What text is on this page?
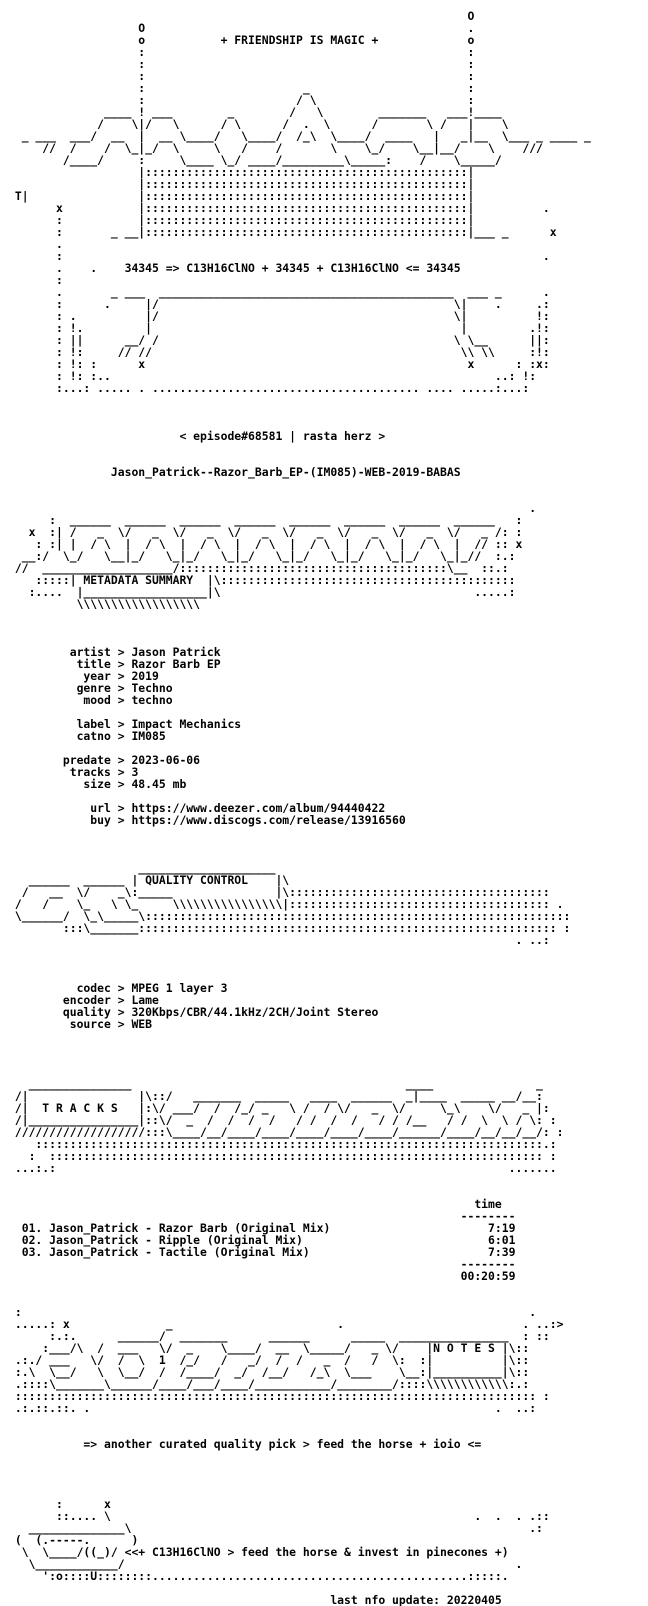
O
O                                               .
o           + FRIENDSHIP IS MAGIC +             o
:                                               :
:                                               :
:                                               :
:                       _                       :
:                      / \                      :
____ ! ___        _        /   \        _______   ___!____
/    \|/   \      / \      /  .  \      /       \ /   |    \
_ ___  ___/  __  |  __ \____/   \____/  /_\  \____/  ____   |   _|__  \___ _ ____ _
//  /    /  \_|_/  \     \   /    /       \    \_/    \__|__/    \    ///
/____/     :     \____ \_/ ____/_________\_____:    /    \_____/
|:::::::::::::::::::::::::::::::::::::::::::::::|
|:::::::::::::::::::::::::::::::::::::::::::::::|
T|                |:::::::::::::::::::::::::::::::::::::::::::::::|
x           |:::::::::::::::::::::::::::::::::::::::::::::::|          .
:           |:::::::::::::::::::::::::::::::::::::::::::::::|
:       _ __|:::::::::::::::::::::::::::::::::::::::::::::::|___ _      x
.
:                                                                      .
.    .    34345 => C13H16ClNO + 34345 + C13H16ClNO <= 34345
:
.       _ ___  ___________________________________________  ___ _      .
:      .     |/                                           \|    .     .:
: .          |/                                           \|          !:
: !.         |                                             |         .!:
: ||      __/ /                                           \ \__      ||:
: !:     // //                                             \\ \\     :!:
: !: :      x                                               x      : :x:
: !: :..                                                        ..: !:
:...: ..... . ....................................... .... .....:...:

< episode#68581 | rasta herz >

Jason_Patrick--Razor_Barb_EP-(IM085)-WEB-2019-BABAS

.
:  ______  ______  ______  ______  ______  ______  ______  ______   :
x  :| /   _  \/   _  \/   _  \/   _  \/   _  \/   _  \/   _  \/   _ /: :
: :| |  / \  |  / \  |  / \  |  / \  |  / \  |  / \  |  / \  |  // :: x
__:/  \_/   \__|_/   \_|_/   \_|_/   \_|_/   \_|_/   \_|_/   \_|_//  :.:
//  ___________________/:::::::::::::::::::::::::::::::::::::::\__  ::.:
:::::| METADATA SUMMARY  |\:::::::::::::::::::::::::::::::::::::::::::
:....  |__________________|\                                     .....:
\\\\\\\\\\\\\\\\\\

artist > Jason Patrick
title > Razor Barb EP
year > 2019
genre > Techno
mood > techno

label > Impact Mechanics
catno > IM085

predate > 2023-06-06
tracks > 3
size > 48.45 mb

url > https://www.deezer.com/album/94440422
buy > https://www.discogs.com/release/13916560

____________________
______  ______ | QUALITY CONTROL    |\
/   __  \/    _\:_____               |\::::::::::::::::::::::::::::::::::::::
/   /    \_   \ \_     \\\\\\\\\\\\\\\\|:::::::::::::::::::::::::::::::::::::: .
\______/  \_\_____\::::::::::::::::::::::::::::::::::::::::::::::::::::::::::::::
:::\_______::::::::::::::::::::::::::::::::::::::::::::::::::::::::::::: :
. ..:

codec > MPEG 1 layer 3
encoder > Lame
quality > 320Kbps/CBR/44.1kHz/2CH/Joint Stereo
source > WEB

_______________                                        ____               _
/|                |\::/   _______  _____   ____  ______  _|____  _____ __/__:
/|  T R A C K S   |:\/ ___/  /  /_/ _   \ /  / \/   _  \/     \_\    \/   _ |:
/|________________|::\/  _  /  /  /  /   / /  /  /   / / /__   / /  \  \ / \: :
///////////////////:::\____/__/____/____/____/____/____/______/____/__/__/__/: :
::::::::::::::::::::::::::::::::::::::::::::::::::::::::::::::::::::::::::.:
:  :::::::::::::::::::::::::::::::::::::::::::::::::::::::::::::::::::::::: :
...:.:                                                                  .......

time
--------
01. Jason_Patrick - Razor Barb (Original Mix)                       7:19
02. Jason_Patrick - Ripple (Original Mix)                           6:01
03. Jason_Patrick - Tactile (Original Mix)                          7:39
--------
00:20:59

:                                                                          .
.....: x              _                        .                          . ..:>
:.:.      ______/  _______      ______      _____  ________________  : ::
:___/\  /  ___   \/  _    \____/  __  \_____/   _ \/    |N O T E S |\::
.:./ ___   \/  /  \  1  /_/   /   _/  /  /   _  /   /  \:  :|          |\::
:.\  \__/   \  \__/  /  /____/  _/  /__/   /_\  \___    \__:|__________|\::
.::::\_______\______/____/___/____/___________/________/::::\\\\\\\\\\\\:.:
:::::::::::::::::::::::::::::::::::::::::::::::::::::::::::::::::::::::::::: :
.:.::.::. .                                                           .  ..:

=> another curated quality pick > feed the horse + ioio <=

:      x
::.... \                                                     .  .  . .::
______________\                                                          .:
(  (.-----.      )
\  \____/((_)/ <<+ C13H16ClNO > feed the horse & invest in pinecones +)
\____________/                                                         .
':o::::U::::::::..............................................:::::.

last nfo update: 20220405
